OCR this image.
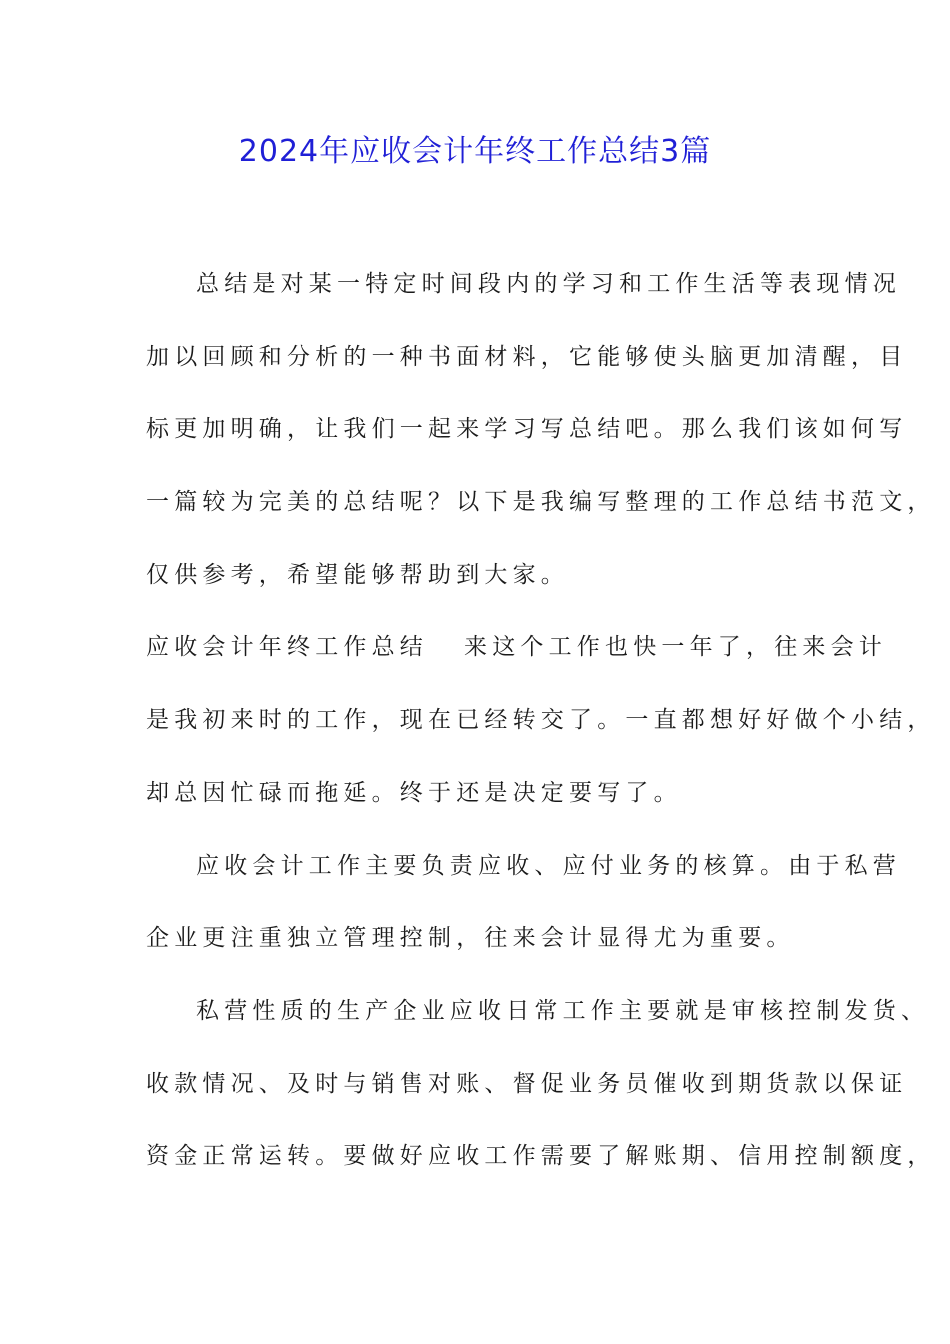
2024年应收会计年终工作总结3篇
总结是对某一特定时间段内的学习和工作生活等表现情况
加以回顾和分析的一种书面材料，它能够使头脑更加清醒，目
标更加明确，让我们一起来学习写总结吧。那么我们该如何写
一篇较为完美的总结呢？以下是我编写整理的工作总结书范文，
仅供参考，希望能够帮助到大家。
应收会计年终工作总结 来这个工作也快一年了，往来会计
是我初来时的工作，现在已经转交了。一直都想好好做个小结，
却总因忙碌而拖延。终于还是决定要写了。
应收会计工作主要负责应收、应付业务的核算。由于私营
企业更注重独立管理控制，往来会计显得尤为重要。
私营性质的生产企业应收日常工作主要就是审核控制发货、
收款情况、及时与销售对账、督促业务员催收到期货款以保证
资金正常运转。要做好应收工作需要了解账期、信用控制额度，
